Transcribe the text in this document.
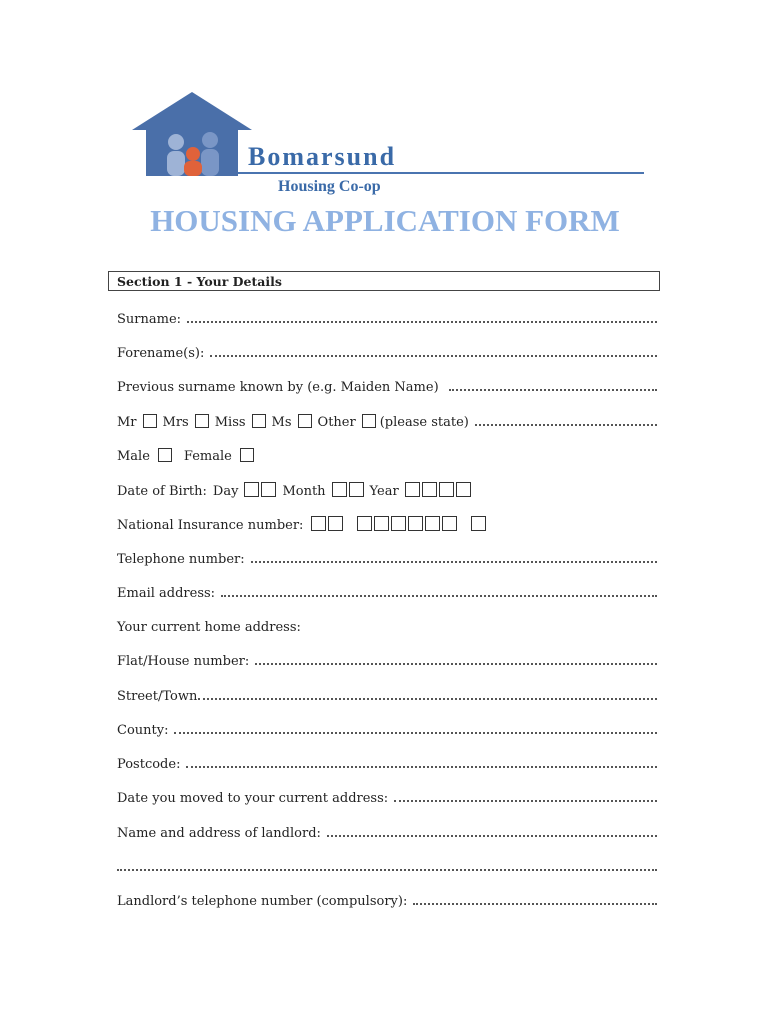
Bomarsund
Housing Co-op
HOUSING APPLICATION FORM
Section 1 - Your Details
Surname:
Forename(s):
Previous surname known by (e.g. Maiden Name)
Mr Mrs Miss Ms Other (please state)
Male	Female
Date of Birth: Day	Month	Year
National Insurance number:
Telephone number:
Email address:
Your current home address:
Flat/House number:
Street/Town
County:
Postcode:
Date you moved to your current address:
Name and address of landlord:
Landlord’s telephone number (compulsory):
